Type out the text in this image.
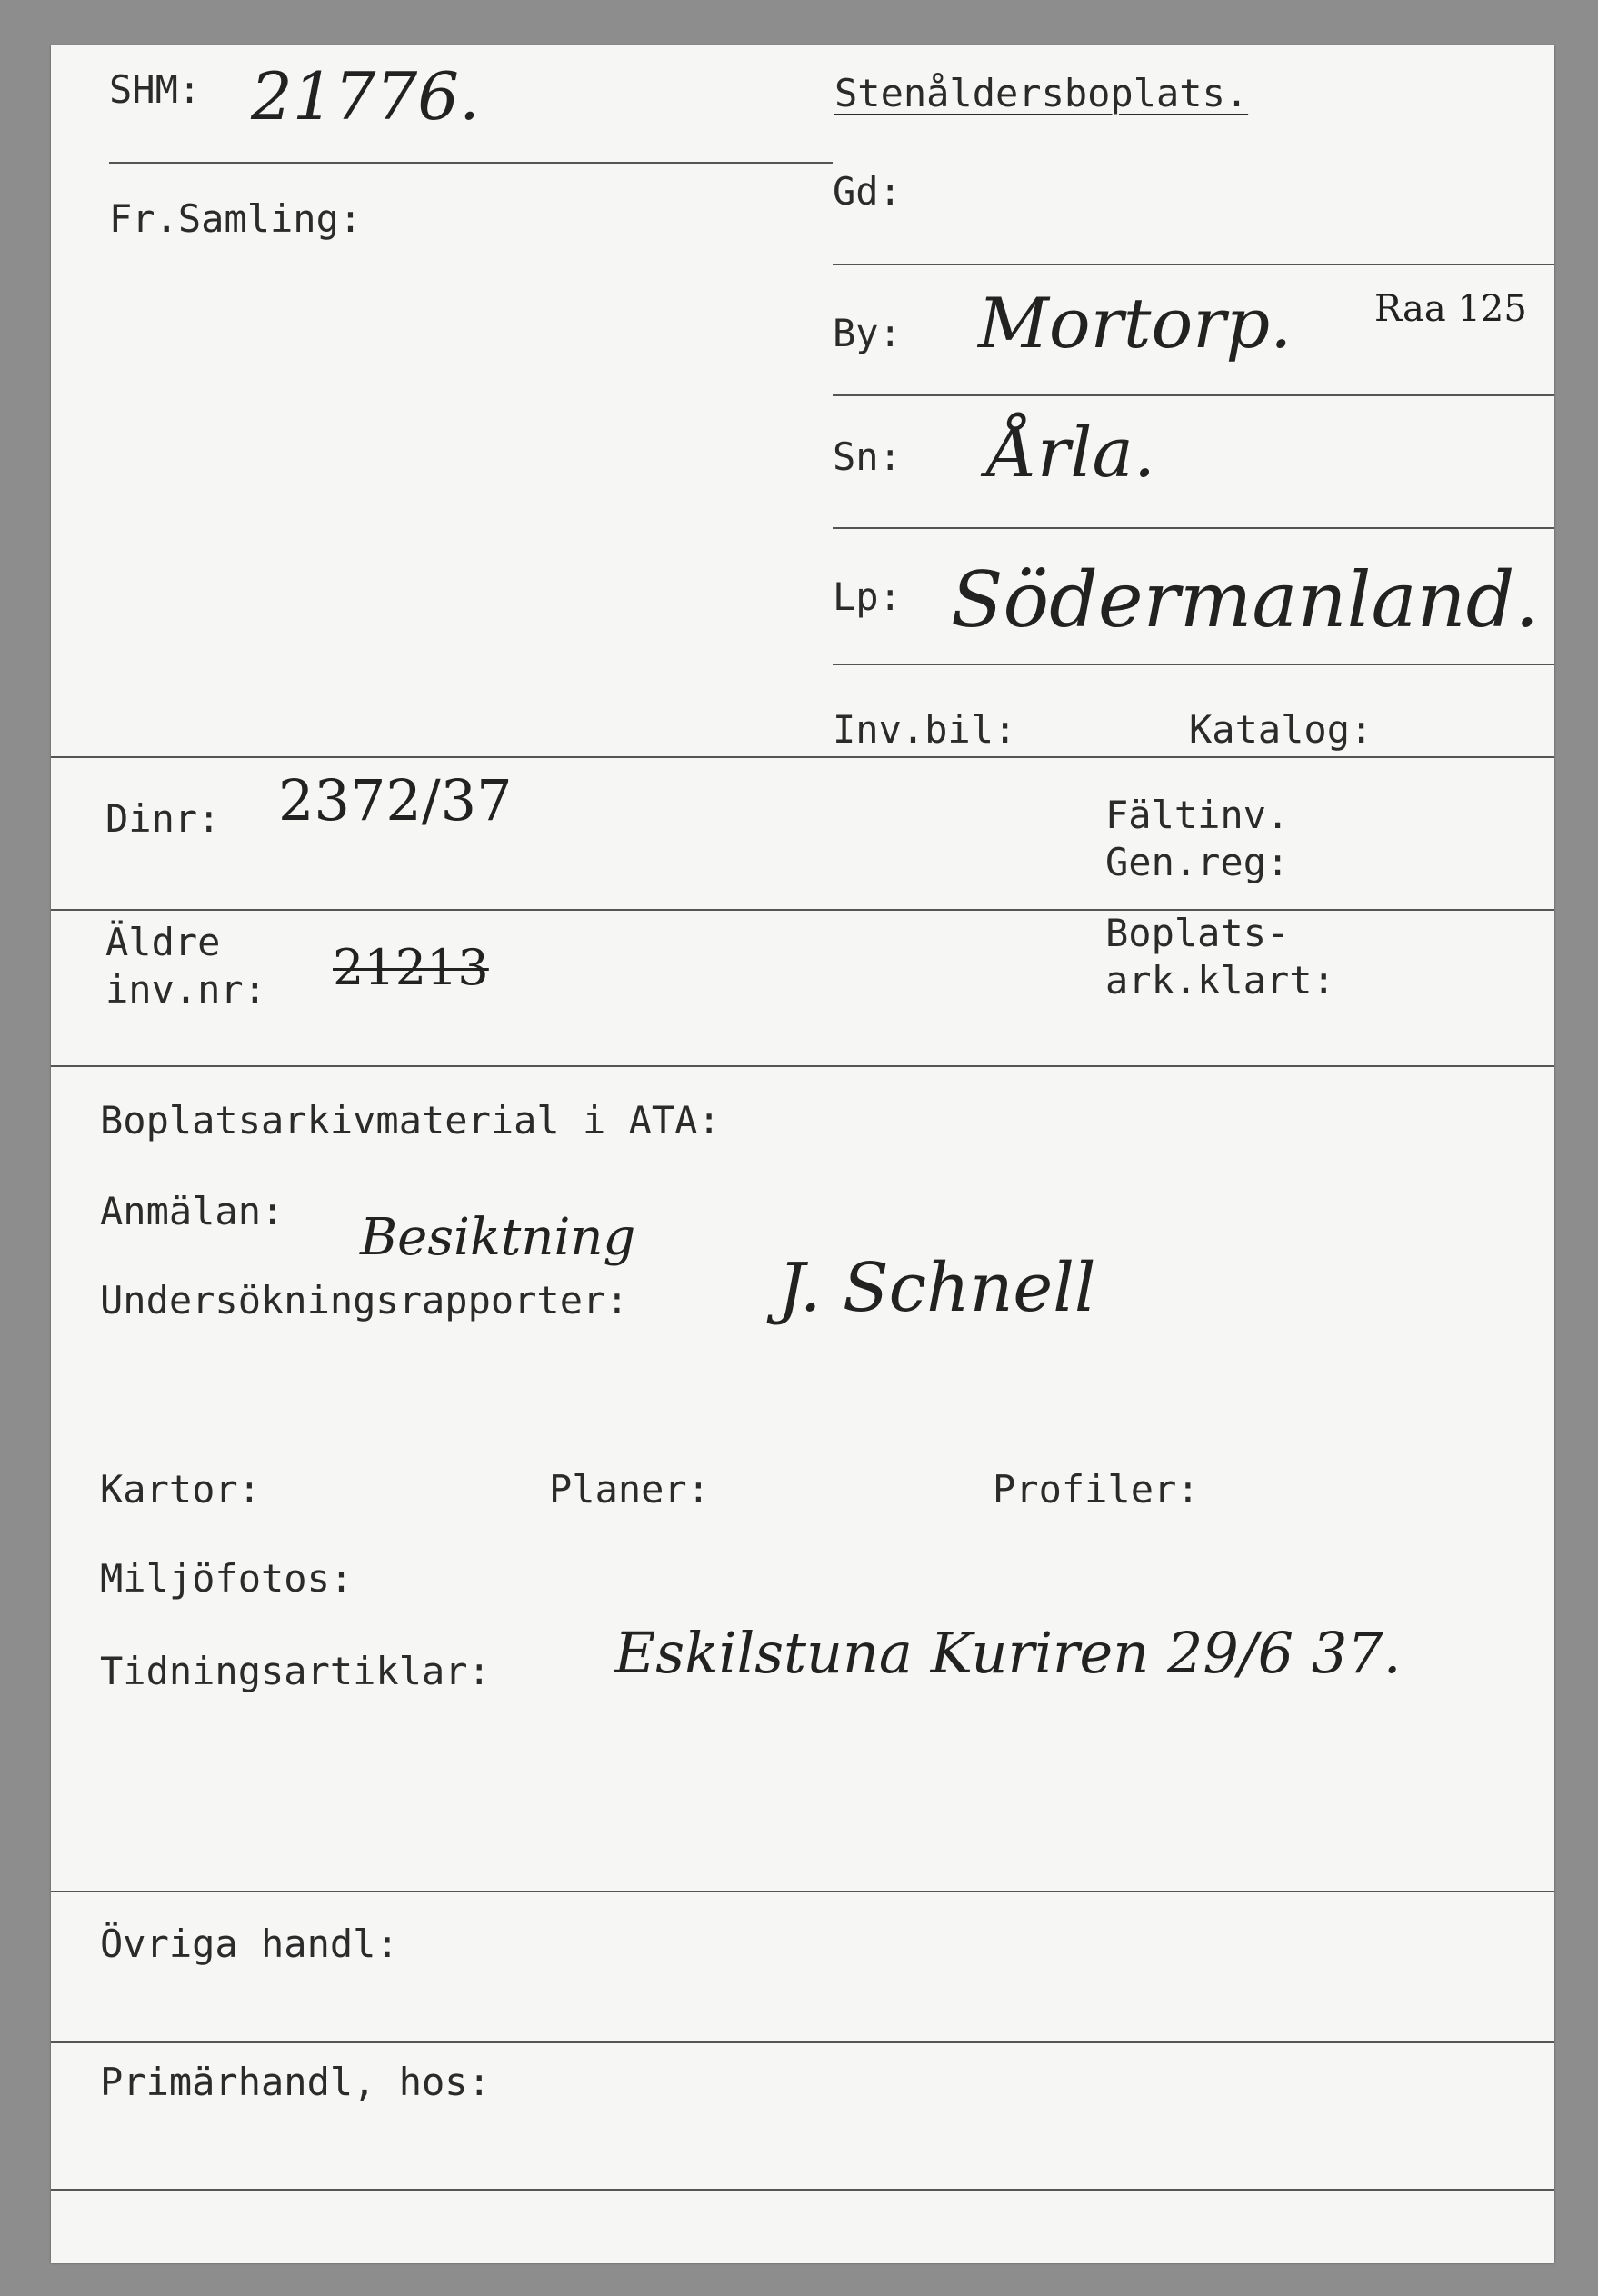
SHM: 21776.	Stenåldersboplats.
Fr.Samling:
Gd:
By: Mortorp. Raa 125
Sn: Årla.
Lp: Södermanland.
Inv.bil:	Katalog:
Dinr: 2372/37	Fältinv.
Gen.reg:
Äldre
inv.nr: 21213
Boplats-
ark.klart:
Boplatsarkivmaterial i ATA:
Anmälan: Besiktning
Undersökningsrapporter: J. Schnell
Kartor:	Planer:	Profiler:
Miljöfotos:
Tidningsartiklar: Eskilstuna Kuriren 29/6 37.
Övriga handl:
Primärhandl, hos:
